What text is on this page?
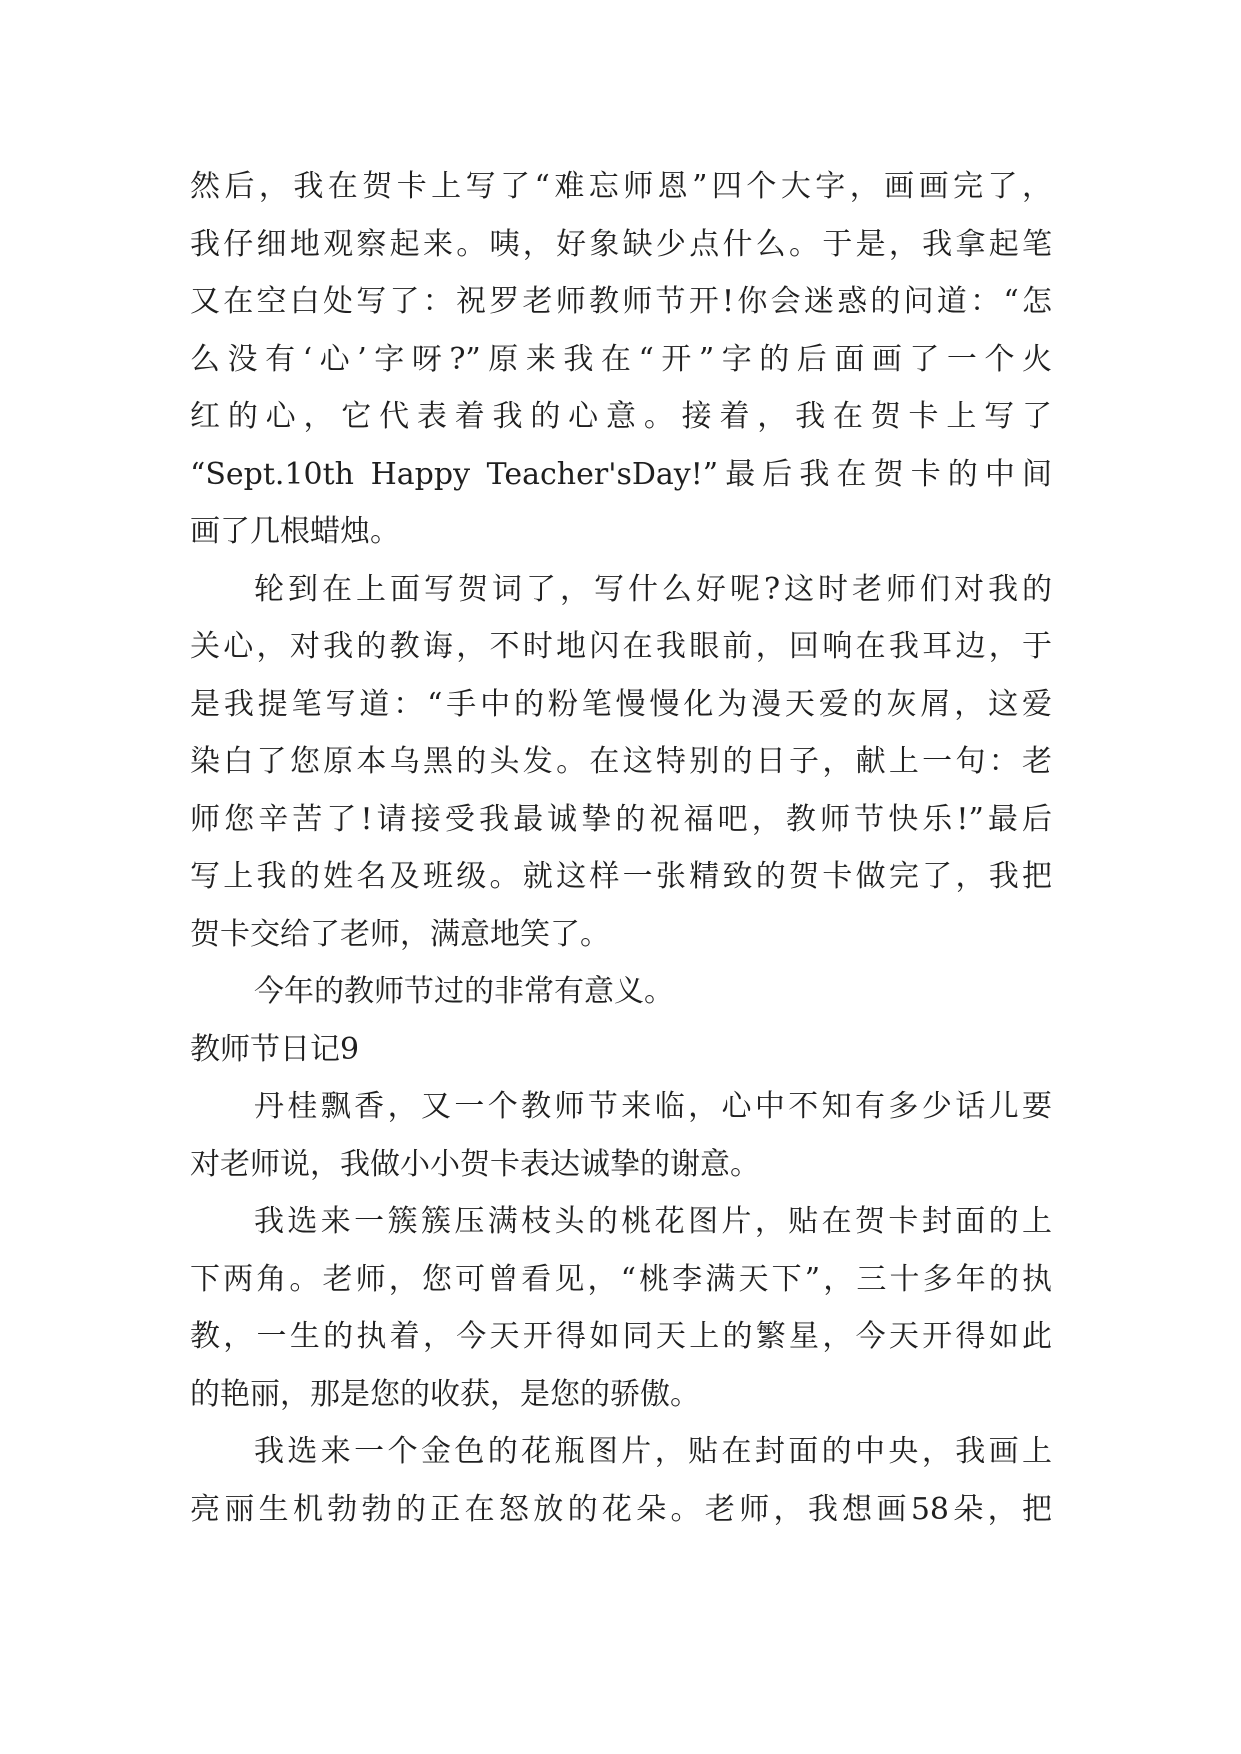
然后，我在贺卡上写了“难忘师恩”四个大字，画画完了，
我仔细地观察起来。咦，好象缺少点什么。于是，我拿起笔
又在空白处写了：祝罗老师教师节开!你会迷惑的问道：“怎
么没有‘心’字呀?”原来我在“开”字的后面画了一个火
红的心，它代表着我的心意。接着，我在贺卡上写了
“Sept.10th Happy Teacher'sDay!”最后我在贺卡的中间
画了几根蜡烛。
轮到在上面写贺词了，写什么好呢?这时老师们对我的
关心，对我的教诲，不时地闪在我眼前，回响在我耳边，于
是我提笔写道：“手中的粉笔慢慢化为漫天爱的灰屑，这爱
染白了您原本乌黑的头发。在这特别的日子，献上一句：老
师您辛苦了!请接受我最诚挚的祝福吧，教师节快乐!”最后
写上我的姓名及班级。就这样一张精致的贺卡做完了，我把
贺卡交给了老师，满意地笑了。
今年的教师节过的非常有意义。
教师节日记9
丹桂飘香，又一个教师节来临，心中不知有多少话儿要
对老师说，我做小小贺卡表达诚挚的谢意。
我选来一簇簇压满枝头的桃花图片，贴在贺卡封面的上
下两角。老师，您可曾看见，“桃李满天下”，三十多年的执
教，一生的执着，今天开得如同天上的繁星，今天开得如此
的艳丽，那是您的收获，是您的骄傲。
我选来一个金色的花瓶图片，贴在封面的中央，我画上
亮丽生机勃勃的正在怒放的花朵。老师，我想画58朵，把
